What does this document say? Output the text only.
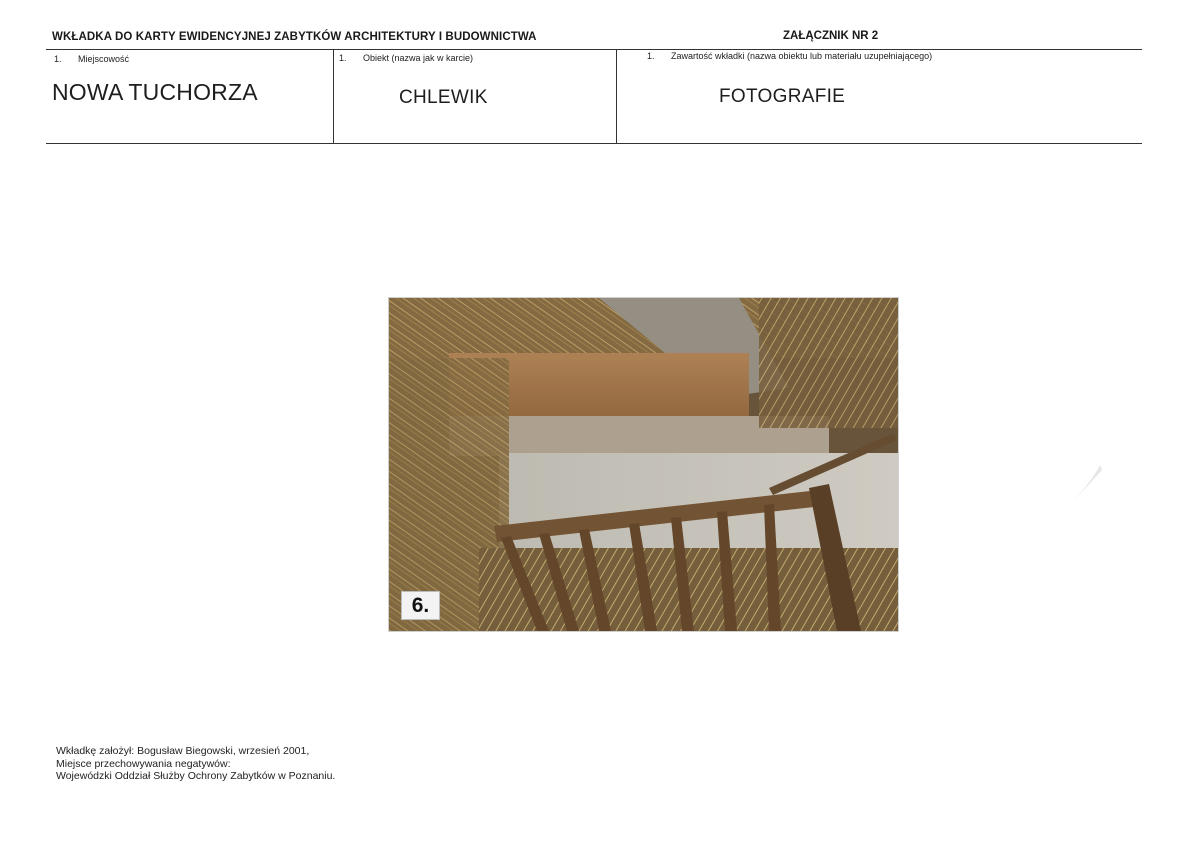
WKŁADKA DO KARTY EWIDENCYJNEJ ZABYTKÓW ARCHITEKTURY I BUDOWNICTWA	ZAŁĄCZNIK NR 2
1. Miejscowość
NOWA TUCHORZA
1. Obiekt (nazwa jak w karcie)
CHLEWIK
1. Zawartość wkładki (nazwa obiektu lub materiału uzupełniającego)
FOTOGRAFIE
6.
Wkładkę założył: Bogusław Biegowski, wrzesień 2001,
Miejsce przechowywania negatywów:
Wojewódzki Oddział Służby Ochrony Zabytków w Poznaniu.
